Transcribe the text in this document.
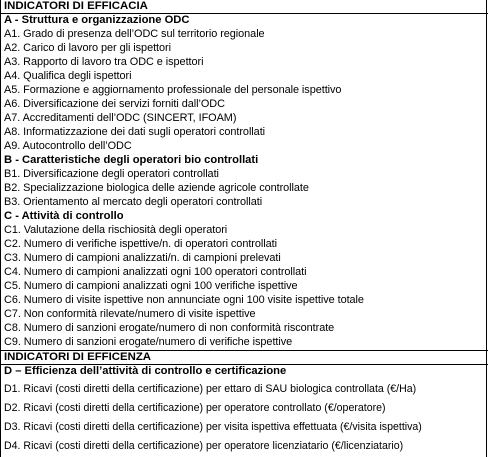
INDICATORI DI EFFICACIA
A - Struttura e organizzazione ODC
A1. Grado di presenza dell’ODC sul territorio regionale
A2. Carico di lavoro per gli ispettori
A3. Rapporto di lavoro tra ODC e ispettori
A4. Qualifica degli ispettori
A5. Formazione e aggiornamento professionale del personale ispettivo
A6. Diversificazione dei servizi forniti dall’ODC
A7. Accreditamenti dell’ODC (SINCERT, IFOAM)
A8. Informatizzazione dei dati sugli operatori controllati
A9. Autocontrollo dell’ODC
B - Caratteristiche degli operatori bio controllati
B1. Diversificazione degli operatori controllati
B2. Specializzazione biologica delle aziende agricole controllate
B3. Orientamento al mercato degli operatori controllati
C - Attività di controllo
C1. Valutazione della rischiosità degli operatori
C2. Numero di verifiche ispettive/n. di operatori controllati
C3. Numero di campioni analizzati/n. di campioni prelevati
C4. Numero di campioni analizzati ogni 100 operatori controllati
C5. Numero di campioni analizzati ogni 100 verifiche ispettive
C6. Numero di visite ispettive non annunciate ogni 100 visite ispettive totale
C7. Non conformità rilevate/numero di visite ispettive
C8. Numero di sanzioni erogate/numero di non conformità riscontrate
C9. Numero di sanzioni erogate/numero di verifiche ispettive
INDICATORI DI EFFICENZA
D – Efficienza dell’attività di controllo e certificazione
D1. Ricavi (costi diretti della certificazione) per ettaro di SAU biologica controllata (€/Ha)
D2. Ricavi (costi diretti della certificazione) per operatore controllato (€/operatore)
D3. Ricavi (costi diretti della certificazione) per visita ispettiva effettuata (€/visita ispettiva)
D4. Ricavi (costi diretti della certificazione) per operatore licenziatario (€/licenziatario)
